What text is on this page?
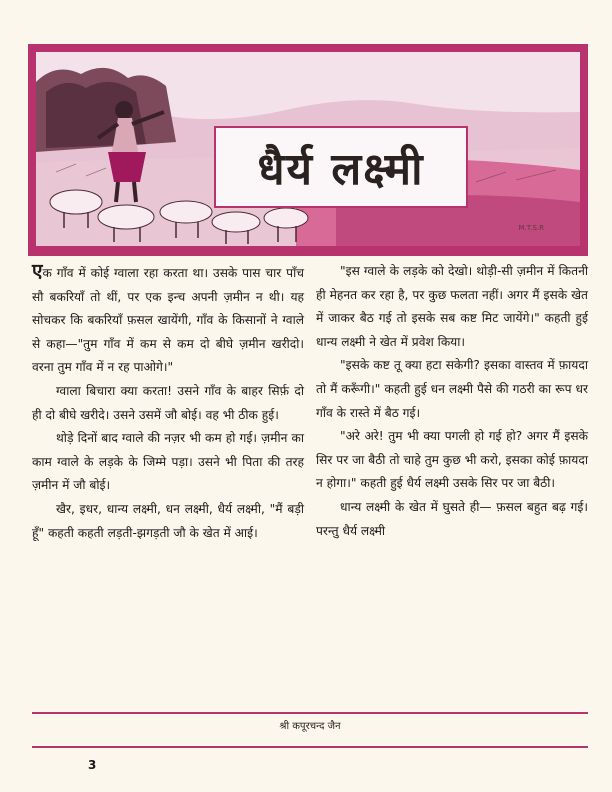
धैर्य लक्ष्मी
M.T.S.R

एक गाँव में कोई ग्वाला रहा करता था। उसके पास चार पाँच सौ बकरियाँ तो थीं, पर एक इन्च अपनी ज़मीन न थी। यह सोचकर कि बकरियाँ फ़सल खायेंगी, गाँव के किसानों ने ग्वाले से कहा—"तुम गाँव में कम से कम दो बीघे ज़मीन खरीदो। वरना तुम गाँव में न रह पाओगे।"

ग्वाला बिचारा क्या करता! उसने गाँव के बाहर सिर्फ़ दो ही दो बीघे खरीदे। उसने उसमें जौ बोई। वह भी ठीक हुई।

थोड़े दिनों बाद ग्वाले की नज़र भी कम हो गई। ज़मीन का काम ग्वाले के लड़के के जिम्मे पड़ा। उसने भी पिता की तरह ज़मीन में जौ बोई।

खैर, इधर, धान्य लक्ष्मी, धन लक्ष्मी, धैर्य लक्ष्मी, "मैं बड़ी हूँ" कहती कहती लड़ती-झगड़ती जौ के खेत में आई।

"इस ग्वाले के लड़के को देखो। थोड़ी-सी ज़मीन में कितनी ही मेहनत कर रहा है, पर कुछ फलता नहीं। अगर मैं इसके खेत में जाकर बैठ गई तो इसके सब कष्ट मिट जायेंगे।" कहती हुई धान्य लक्ष्मी ने खेत में प्रवेश किया।

"इसके कष्ट तू क्या हटा सकेगी? इसका वास्तव में फ़ायदा तो मैं करूँगी।" कहती हुई धन लक्ष्मी पैसे की गठरी का रूप धर गाँव के रास्ते में बैठ गई।

"अरे अरे! तुम भी क्या पगली हो गई हो? अगर मैं इसके सिर पर जा बैठी तो चाहे तुम कुछ भी करो, इसका कोई फ़ायदा न होगा।" कहती हुई धैर्य लक्ष्मी उसके सिर पर जा बैठी।

धान्य लक्ष्मी के खेत में घुसते ही— फ़सल बहुत बढ़ गई। परन्तु धैर्य लक्ष्मी

श्री कपूरचन्द जैन
3
